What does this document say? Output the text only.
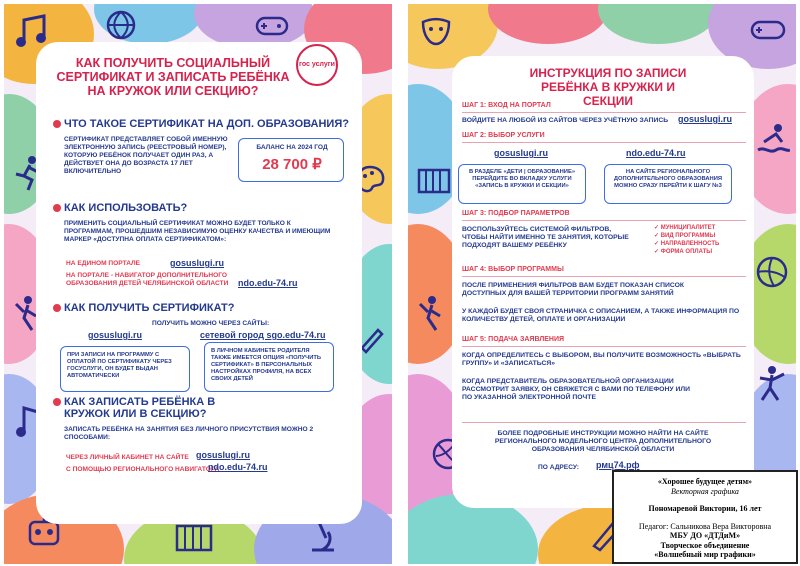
гос услуги
КАК ПОЛУЧИТЬ СОЦИАЛЬНЫЙ СЕРТИФИКАТ И ЗАПИСАТЬ РЕБЁНКА НА КРУЖОК ИЛИ СЕКЦИЮ?
ЧТО ТАКОЕ СЕРТИФИКАТ НА ДОП. ОБРАЗОВАНИЯ?
СЕРТИФИКАТ ПРЕДСТАВЛЯЕТ СОБОЙ ИМЕННУЮ ЭЛЕКТРОННУЮ ЗАПИСЬ (РЕЕСТРОВЫЙ НОМЕР), КОТОРУЮ РЕБЁНОК ПОЛУЧАЕТ ОДИН РАЗ, А ДЕЙСТВУЕТ ОНА ДО ВОЗРАСТА 17 ЛЕТ ВКЛЮЧИТЕЛЬНО
БАЛАНС НА 2024 ГОД
28 700 ₽
КАК ИСПОЛЬЗОВАТЬ?
ПРИМЕНИТЬ СОЦИАЛЬНЫЙ СЕРТИФИКАТ МОЖНО БУДЕТ ТОЛЬКО К ПРОГРАММАМ, ПРОШЕДШИМ НЕЗАВИСИМУЮ ОЦЕНКУ КАЧЕСТВА И ИМЕЮЩИМ МАРКЕР «ДОСТУПНА ОПЛАТА СЕРТИФИКАТОМ»:
НА ЕДИНОМ ПОРТАЛЕ	gosuslugi.ru
НА ПОРТАЛЕ - НАВИГАТОР ДОПОЛНИТЕЛЬНОГО ОБРАЗОВАНИЯ ДЕТЕЙ ЧЕЛЯБИНСКОЙ ОБЛАСТИ	ndo.edu-74.ru
КАК ПОЛУЧИТЬ СЕРТИФИКАТ?
ПОЛУЧИТЬ МОЖНО ЧЕРЕЗ САЙТЫ:
gosuslugi.ru	сетевой город sgo.edu-74.ru
ПРИ ЗАПИСИ НА ПРОГРАММУ С ОПЛАТОЙ ПО СЕРТИФИКАТУ ЧЕРЕЗ ГОСУСЛУГИ, ОН БУДЕТ ВЫДАН АВТОМАТИЧЕСКИ
В ЛИЧНОМ КАБИНЕТЕ РОДИТЕЛЯ ТАКЖЕ ИМЕЕТСЯ ОПЦИЯ «ПОЛУЧИТЬ СЕРТИФИКАТ» В ПЕРСОНАЛЬНЫХ НАСТРОЙКАХ ПРОФИЛЯ, НА ВСЕХ СВОИХ ДЕТЕЙ
КАК ЗАПИСАТЬ РЕБЁНКА В КРУЖОК ИЛИ В СЕКЦИЮ?
ЗАПИСАТЬ РЕБЁНКА НА ЗАНЯТИЯ БЕЗ ЛИЧНОГО ПРИСУТСТВИЯ МОЖНО 2 СПОСОБАМИ:
ЧЕРЕЗ ЛИЧНЫЙ КАБИНЕТ НА САЙТЕ gosuslugi.ru
С ПОМОЩЬЮ РЕГИОНАЛЬНОГО НАВИГАТОРА
ndo.edu-74.ru
ИНСТРУКЦИЯ ПО ЗАПИСИ РЕБЁНКА В КРУЖКИ И СЕКЦИИ
ШАГ 1: ВХОД НА ПОРТАЛ
ВОЙДИТЕ НА ЛЮБОЙ ИЗ САЙТОВ ЧЕРЕЗ УЧЁТНУЮ ЗАПИСЬ gosuslugi.ru
ШАГ 2: ВЫБОР УСЛУГИ
gosuslugi.ru	ndo.edu-74.ru
В РАЗДЕЛЕ «ДЕТИ | ОБРАЗОВАНИЕ» ПЕРЕЙДИТЕ ВО ВКЛАДКУ УСЛУГИ «ЗАПИСЬ В КРУЖКИ И СЕКЦИИ»
НА САЙТЕ РЕГИОНАЛЬНОГО ДОПОЛНИТЕЛЬНОГО ОБРАЗОВАНИЯ МОЖНО СРАЗУ ПЕРЕЙТИ К ШАГУ №3
ШАГ 3: ПОДБОР ПАРАМЕТРОВ
ВОСПОЛЬЗУЙТЕСЬ СИСТЕМОЙ ФИЛЬТРОВ, ЧТОБЫ НАЙТИ ИМЕННО ТЕ ЗАНЯТИЯ, КОТОРЫЕ ПОДХОДЯТ ВАШЕМУ РЕБЁНКУ
✓ МУНИЦИПАЛИТЕТ
✓ ВИД ПРОГРАММЫ
✓ НАПРАВЛЕННОСТЬ
✓ ФОРМА ОПЛАТЫ
ШАГ 4: ВЫБОР ПРОГРАММЫ
ПОСЛЕ ПРИМЕНЕНИЯ ФИЛЬТРОВ ВАМ БУДЕТ ПОКАЗАН СПИСОК ДОСТУПНЫХ ДЛЯ ВАШЕЙ ТЕРРИТОРИИ ПРОГРАММ ЗАНЯТИЙ
У КАЖДОЙ БУДЕТ СВОЯ СТРАНИЧКА С ОПИСАНИЕМ, А ТАКЖЕ ИНФОРМАЦИЯ ПО КОЛИЧЕСТВУ ДЕТЕЙ, ОПЛАТЕ И ОРГАНИЗАЦИИ
ШАГ 5: ПОДАЧА ЗАЯВЛЕНИЯ
КОГДА ОПРЕДЕЛИТЕСЬ С ВЫБОРОМ, ВЫ ПОЛУЧИТЕ ВОЗМОЖНОСТЬ «ВЫБРАТЬ ГРУППУ» И «ЗАПИСАТЬСЯ»
КОГДА ПРЕДСТАВИТЕЛЬ ОБРАЗОВАТЕЛЬНОЙ ОРГАНИЗАЦИИ РАССМОТРИТ ЗАЯВКУ, ОН СВЯЖЕТСЯ С ВАМИ ПО ТЕЛЕФОНУ ИЛИ ПО УКАЗАННОЙ ЭЛЕКТРОННОЙ ПОЧТЕ
БОЛЕЕ ПОДРОБНЫЕ ИНСТРУКЦИИ МОЖНО НАЙТИ НА САЙТЕ РЕГИОНАЛЬНОГО МОДЕЛЬНОГО ЦЕНТРА ДОПОЛНИТЕЛЬНОГО ОБРАЗОВАНИЯ ЧЕЛЯБИНСКОЙ ОБЛАСТИ
ПО АДРЕСУ: рмц74.рф
«Хорошее будущее детям»
Векторная графика
Пономаревой Виктории, 16 лет
Педагог: Сальникова Вера Викторовна
МБУ ДО «ДТДиМ»
Творческое объединение
«Волшебный мир графики»
